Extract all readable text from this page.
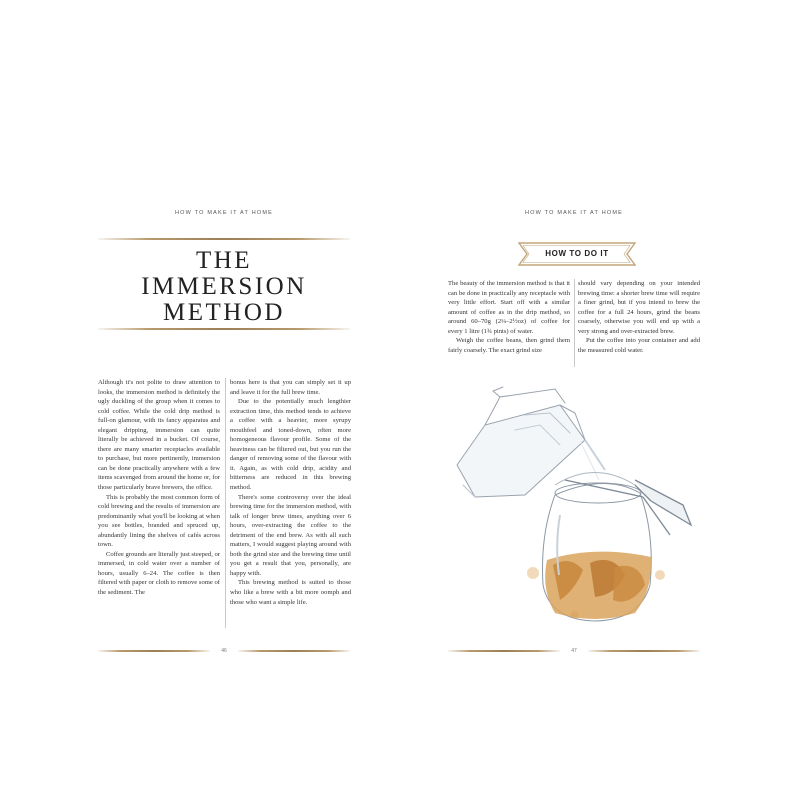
HOW TO MAKE IT AT HOME
THE
IMMERSION
METHOD

Although it's not polite to draw attention to looks, the immersion method is definitely the ugly duckling of the group when it comes to cold coffee. While the cold drip method is full-on glamour, with its fancy apparatus and elegant dripping, immersion can quite literally be achieved in a bucket. Of course, there are many smarter receptacles available to purchase, but more pertinently, immersion can be done practically anywhere with a few items scavenged from around the home or, for those particularly brave brewers, the office.

This is probably the most common form of cold brewing and the results of immersion are predominantly what you'll be looking at when you see bottles, branded and spruced up, abundantly lining the shelves of cafés across town.

Coffee grounds are literally just steeped, or immersed, in cold water over a number of hours, usually 6–24. The coffee is then filtered with paper or cloth to remove some of the sediment. The

bonus here is that you can simply set it up and leave it for the full brew time.

Due to the potentially much lengthier extraction time, this method tends to achieve a coffee with a heavier, more syrupy mouthfeel and toned-down, often more homogeneous flavour profile. Some of the heaviness can be filtered out, but you run the danger of removing some of the flavour with it. Again, as with cold drip, acidity and bitterness are reduced in this brewing method.

There's some controversy over the ideal brewing time for the immersion method, with talk of longer brew times, anything over 6 hours, over-extracting the coffee to the detriment of the end brew. As with all such matters, I would suggest playing around with both the grind size and the brewing time until you get a result that you, personally, are happy with.

This brewing method is suited to those who like a brew with a bit more oomph and those who want a simple life.

46
HOW TO MAKE IT AT HOME
HOW TO DO IT

The beauty of the immersion method is that it can be done in practically any receptacle with very little effort. Start off with a similar amount of coffee as in the drip method, so around 60–70g (2¼–2½oz) of coffee for every 1 litre (1¾ pints) of water.

Weigh the coffee beans, then grind them fairly coarsely. The exact grind size

should vary depending on your intended brewing time: a shorter brew time will require a finer grind, but if you intend to brew the coffee for a full 24 hours, grind the beans coarsely, otherwise you will end up with a very strong and over-extracted brew.

Put the coffee into your container and add the measured cold water.

47
